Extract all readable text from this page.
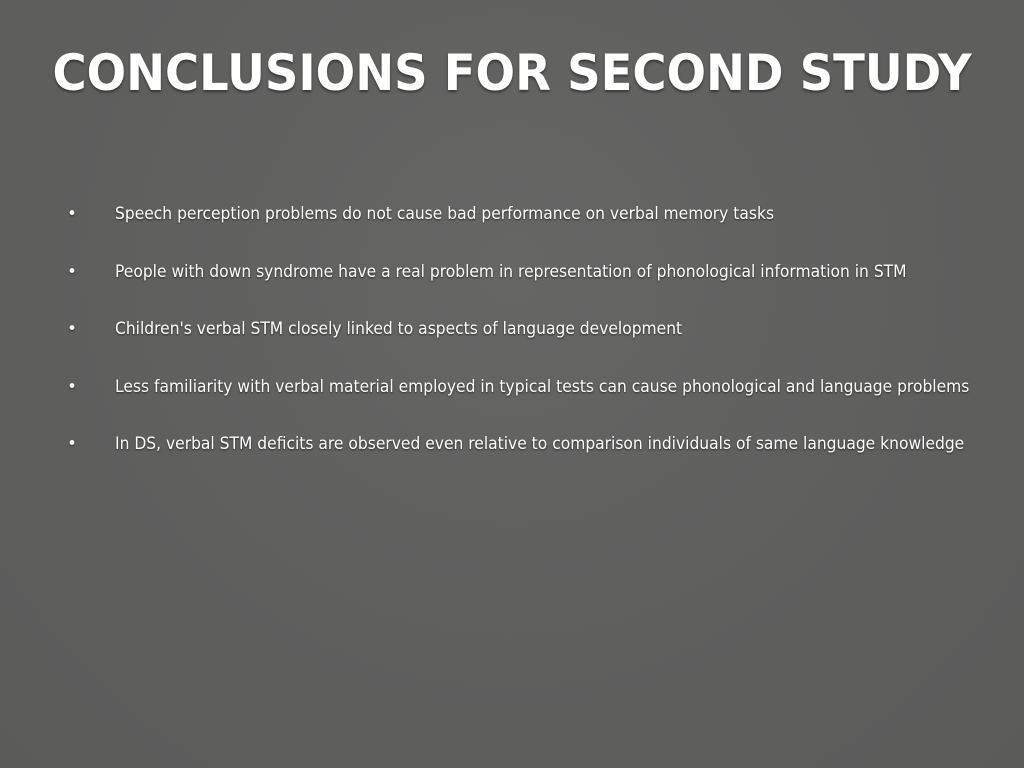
CONCLUSIONS FOR SECOND STUDY
• Speech perception problems do not cause bad performance on verbal memory tasks
• People with down syndrome have a real problem in representation of phonological information in STM
• Children's verbal STM closely linked to aspects of language development
• Less familiarity with verbal material employed in typical tests can cause phonological and language problems
• In DS, verbal STM deficits are observed even relative to comparison individuals of same language knowledge
